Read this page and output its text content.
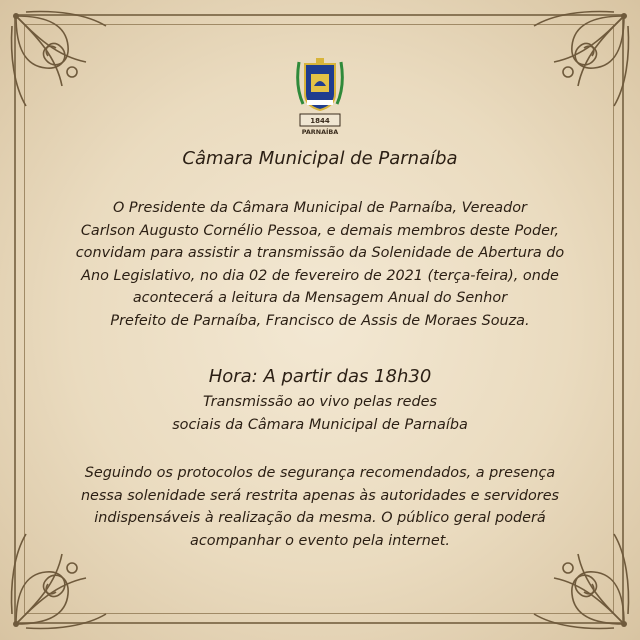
1844
PARNAÍBA
Câmara Municipal de Parnaíba
O Presidente da Câmara Municipal de Parnaíba, Vereador
Carlson Augusto Cornélio Pessoa, e demais membros deste Poder,
convidam para assistir a transmissão da Solenidade de Abertura do
Ano Legislativo, no dia 02 de fevereiro de 2021 (terça-feira), onde
acontecerá a leitura da Mensagem Anual do Senhor
Prefeito de Parnaíba, Francisco de Assis de Moraes Souza.
Hora: A partir das 18h30
Transmissão ao vivo pelas redes
sociais da Câmara Municipal de Parnaíba
Seguindo os protocolos de segurança recomendados, a presença
nessa solenidade será restrita apenas às autoridades e servidores
indispensáveis à realização da mesma. O público geral poderá
acompanhar o evento pela internet.
